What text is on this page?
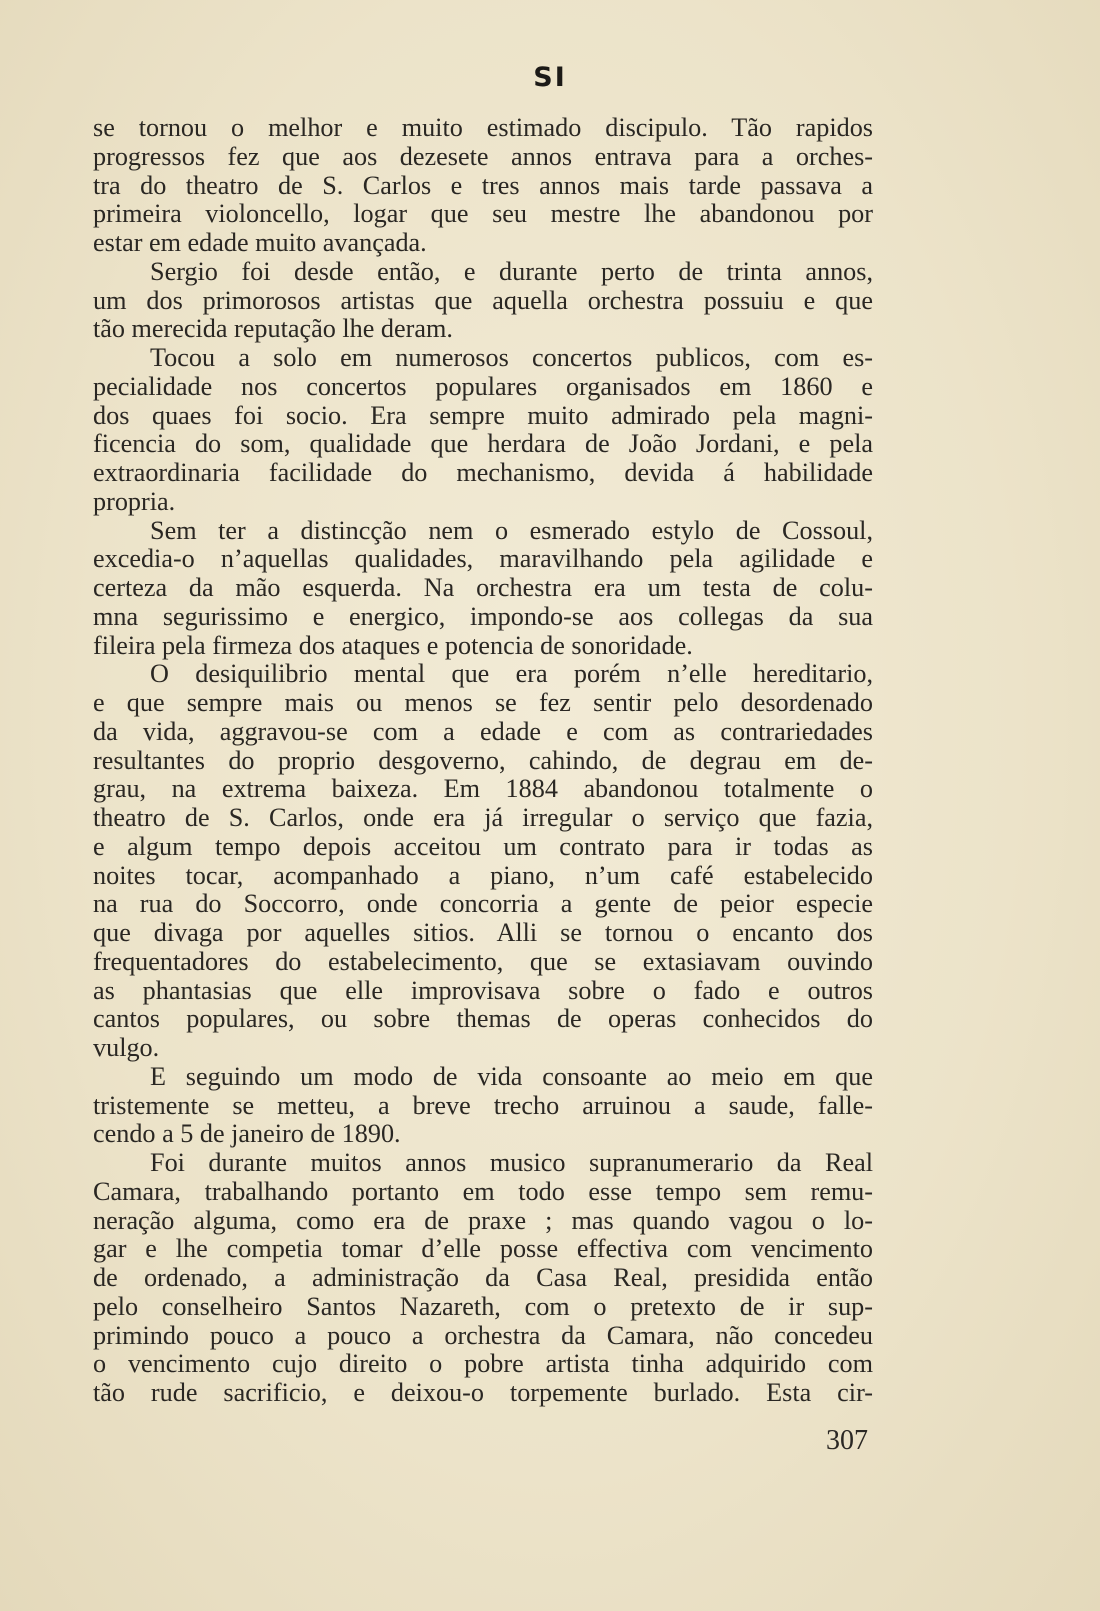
SI
se tornou o melhor e muito estimado discipulo. Tão rapidos
progressos fez que aos dezesete annos entrava para a orches-
tra do theatro de S. Carlos e tres annos mais tarde passava a
primeira violoncello, logar que seu mestre lhe abandonou por
estar em edade muito avançada.
Sergio foi desde então, e durante perto de trinta annos,
um dos primorosos artistas que aquella orchestra possuiu e que
tão merecida reputação lhe deram.
Tocou a solo em numerosos concertos publicos, com es-
pecialidade nos concertos populares organisados em 1860 e
dos quaes foi socio. Era sempre muito admirado pela magni-
ficencia do som, qualidade que herdara de João Jordani, e pela
extraordinaria facilidade do mechanismo, devida á habilidade
propria.
Sem ter a distincção nem o esmerado estylo de Cossoul,
excedia-o n’aquellas qualidades, maravilhando pela agilidade e
certeza da mão esquerda. Na orchestra era um testa de colu-
mna segurissimo e energico, impondo-se aos collegas da sua
fileira pela firmeza dos ataques e potencia de sonoridade.
O desiquilibrio mental que era porém n’elle hereditario,
e que sempre mais ou menos se fez sentir pelo desordenado
da vida, aggravou-se com a edade e com as contrariedades
resultantes do proprio desgoverno, cahindo, de degrau em de-
grau, na extrema baixeza. Em 1884 abandonou totalmente o
theatro de S. Carlos, onde era já irregular o serviço que fazia,
e algum tempo depois acceitou um contrato para ir todas as
noites tocar, acompanhado a piano, n’um café estabelecido
na rua do Soccorro, onde concorria a gente de peior especie
que divaga por aquelles sitios. Alli se tornou o encanto dos
frequentadores do estabelecimento, que se extasiavam ouvindo
as phantasias que elle improvisava sobre o fado e outros
cantos populares, ou sobre themas de operas conhecidos do
vulgo.
E seguindo um modo de vida consoante ao meio em que
tristemente se metteu, a breve trecho arruinou a saude, falle-
cendo a 5 de janeiro de 1890.
Foi durante muitos annos musico supranumerario da Real
Camara, trabalhando portanto em todo esse tempo sem remu-
neração alguma, como era de praxe ; mas quando vagou o lo-
gar e lhe competia tomar d’elle posse effectiva com vencimento
de ordenado, a administração da Casa Real, presidida então
pelo conselheiro Santos Nazareth, com o pretexto de ir sup-
primindo pouco a pouco a orchestra da Camara, não concedeu
o vencimento cujo direito o pobre artista tinha adquirido com
tão rude sacrificio, e deixou-o torpemente burlado. Esta cir-
307
